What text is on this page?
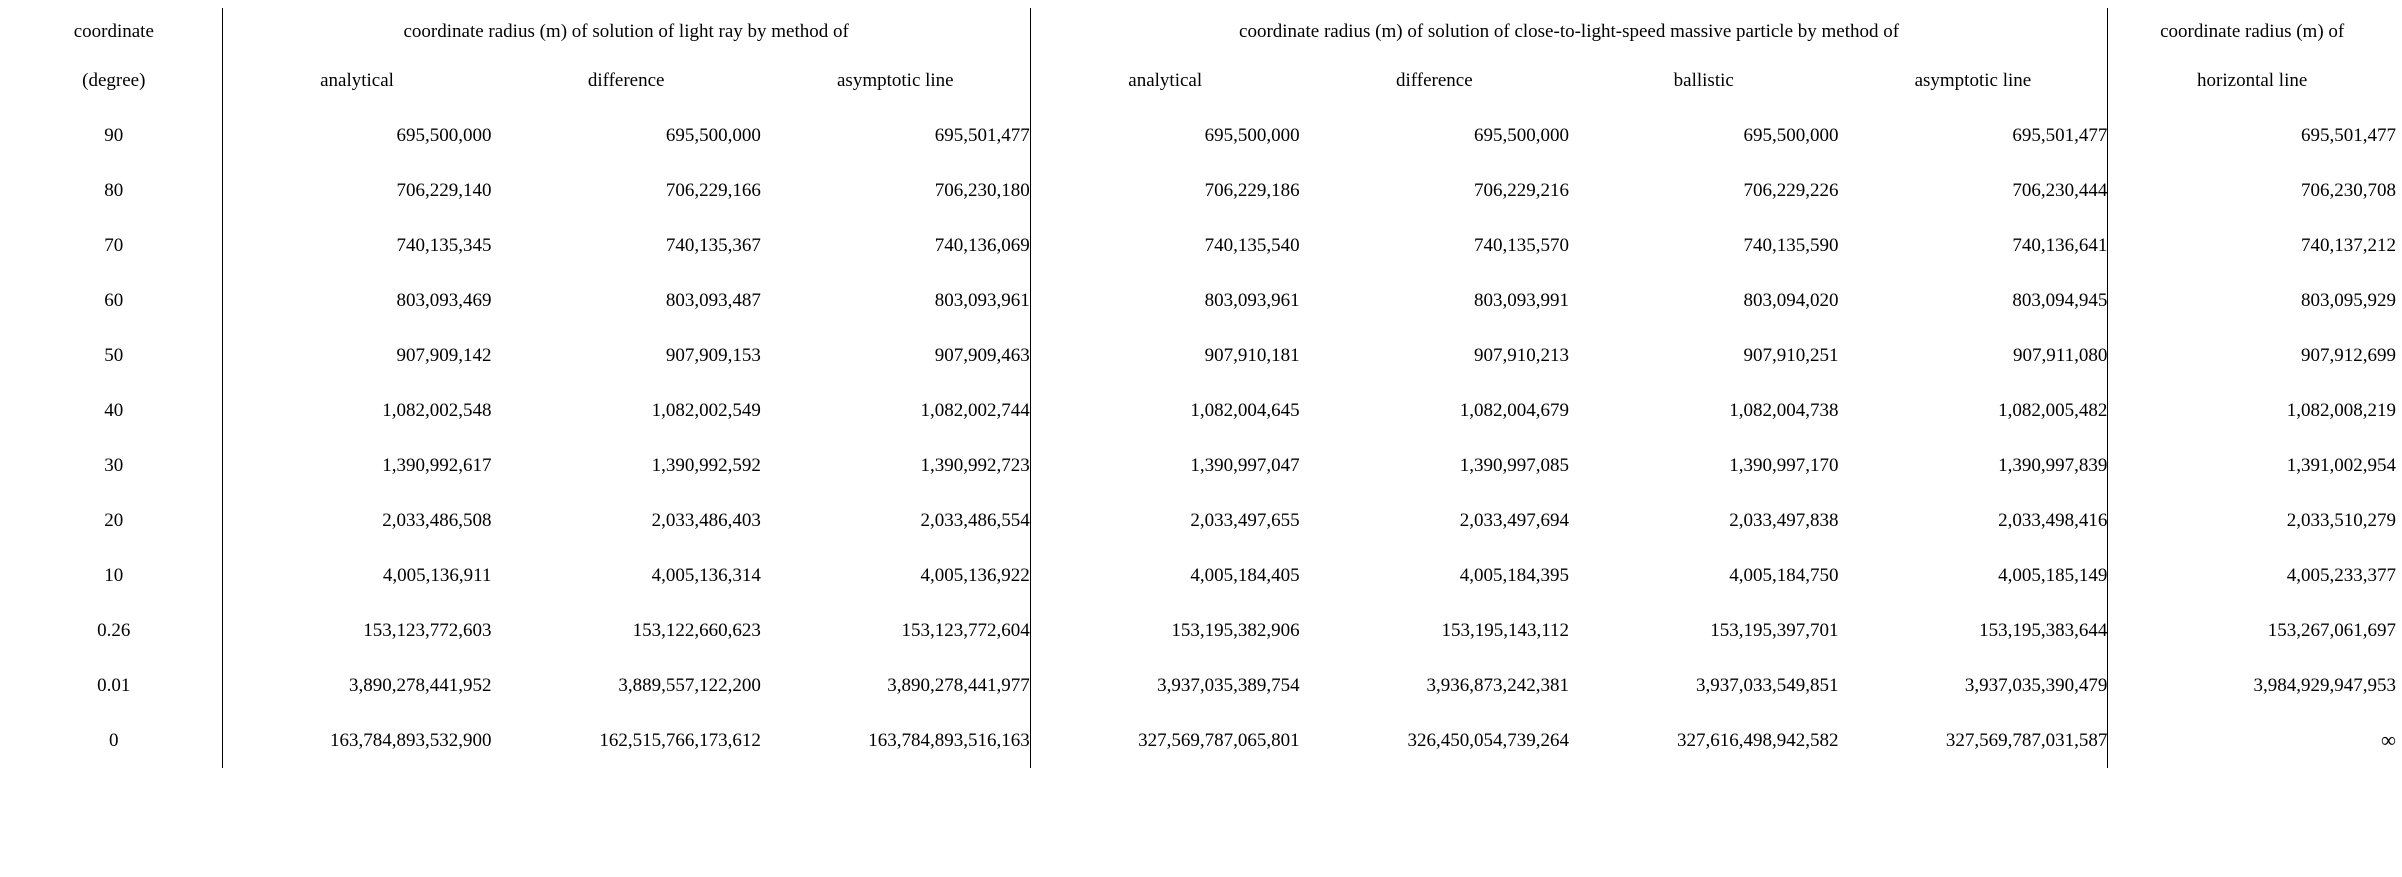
coordinate	coordinate radius (m) of solution of light ray by method of			coordinate radius (m) of solution of close-to-light-speed massive particle by method of				coordinate radius (m) of
(degree)	analytical	difference	asymptotic line	analytical	difference	ballistic	asymptotic line	horizontal line
90	695,500,000	695,500,000	695,501,477	695,500,000	695,500,000	695,500,000	695,501,477	695,501,477
80	706,229,140	706,229,166	706,230,180	706,229,186	706,229,216	706,229,226	706,230,444	706,230,708
70	740,135,345	740,135,367	740,136,069	740,135,540	740,135,570	740,135,590	740,136,641	740,137,212
60	803,093,469	803,093,487	803,093,961	803,093,961	803,093,991	803,094,020	803,094,945	803,095,929
50	907,909,142	907,909,153	907,909,463	907,910,181	907,910,213	907,910,251	907,911,080	907,912,699
40	1,082,002,548	1,082,002,549	1,082,002,744	1,082,004,645	1,082,004,679	1,082,004,738	1,082,005,482	1,082,008,219
30	1,390,992,617	1,390,992,592	1,390,992,723	1,390,997,047	1,390,997,085	1,390,997,170	1,390,997,839	1,391,002,954
20	2,033,486,508	2,033,486,403	2,033,486,554	2,033,497,655	2,033,497,694	2,033,497,838	2,033,498,416	2,033,510,279
10	4,005,136,911	4,005,136,314	4,005,136,922	4,005,184,405	4,005,184,395	4,005,184,750	4,005,185,149	4,005,233,377
0.26	153,123,772,603	153,122,660,623	153,123,772,604	153,195,382,906	153,195,143,112	153,195,397,701	153,195,383,644	153,267,061,697
0.01	3,890,278,441,952	3,889,557,122,200	3,890,278,441,977	3,937,035,389,754	3,936,873,242,381	3,937,033,549,851	3,937,035,390,479	3,984,929,947,953
0	163,784,893,532,900	162,515,766,173,612	163,784,893,516,163	327,569,787,065,801	326,450,054,739,264	327,616,498,942,582	327,569,787,031,587	∞
